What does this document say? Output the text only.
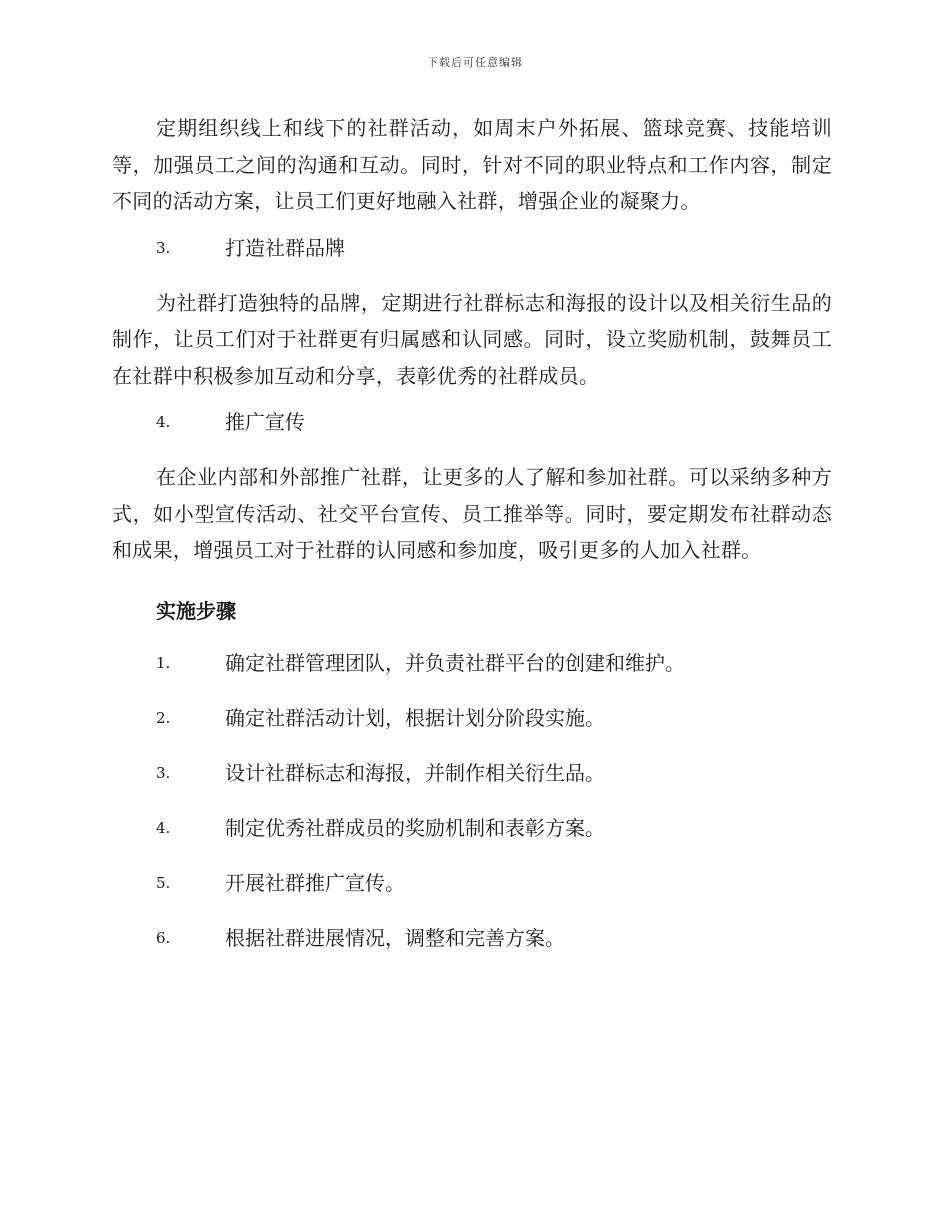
下载后可任意编辑

定期组织线上和线下的社群活动，如周末户外拓展、篮球竞赛、技能培训等，加强员工之间的沟通和互动。同时，针对不同的职业特点和工作内容，制定不同的活动方案，让员工们更好地融入社群，增强企业的凝聚力。

3.	打造社群品牌

为社群打造独特的品牌，定期进行社群标志和海报的设计以及相关衍生品的制作，让员工们对于社群更有归属感和认同感。同时，设立奖励机制，鼓舞员工在社群中积极参加互动和分享，表彰优秀的社群成员。

4.	推广宣传

在企业内部和外部推广社群，让更多的人了解和参加社群。可以采纳多种方式，如小型宣传活动、社交平台宣传、员工推举等。同时，要定期发布社群动态和成果，增强员工对于社群的认同感和参加度，吸引更多的人加入社群。

实施步骤
1.	确定社群管理团队，并负责社群平台的创建和维护。
2.	确定社群活动计划，根据计划分阶段实施。
3.	设计社群标志和海报，并制作相关衍生品。
4.	制定优秀社群成员的奖励机制和表彰方案。
5.	开展社群推广宣传。
6.	根据社群进展情况，调整和完善方案。
